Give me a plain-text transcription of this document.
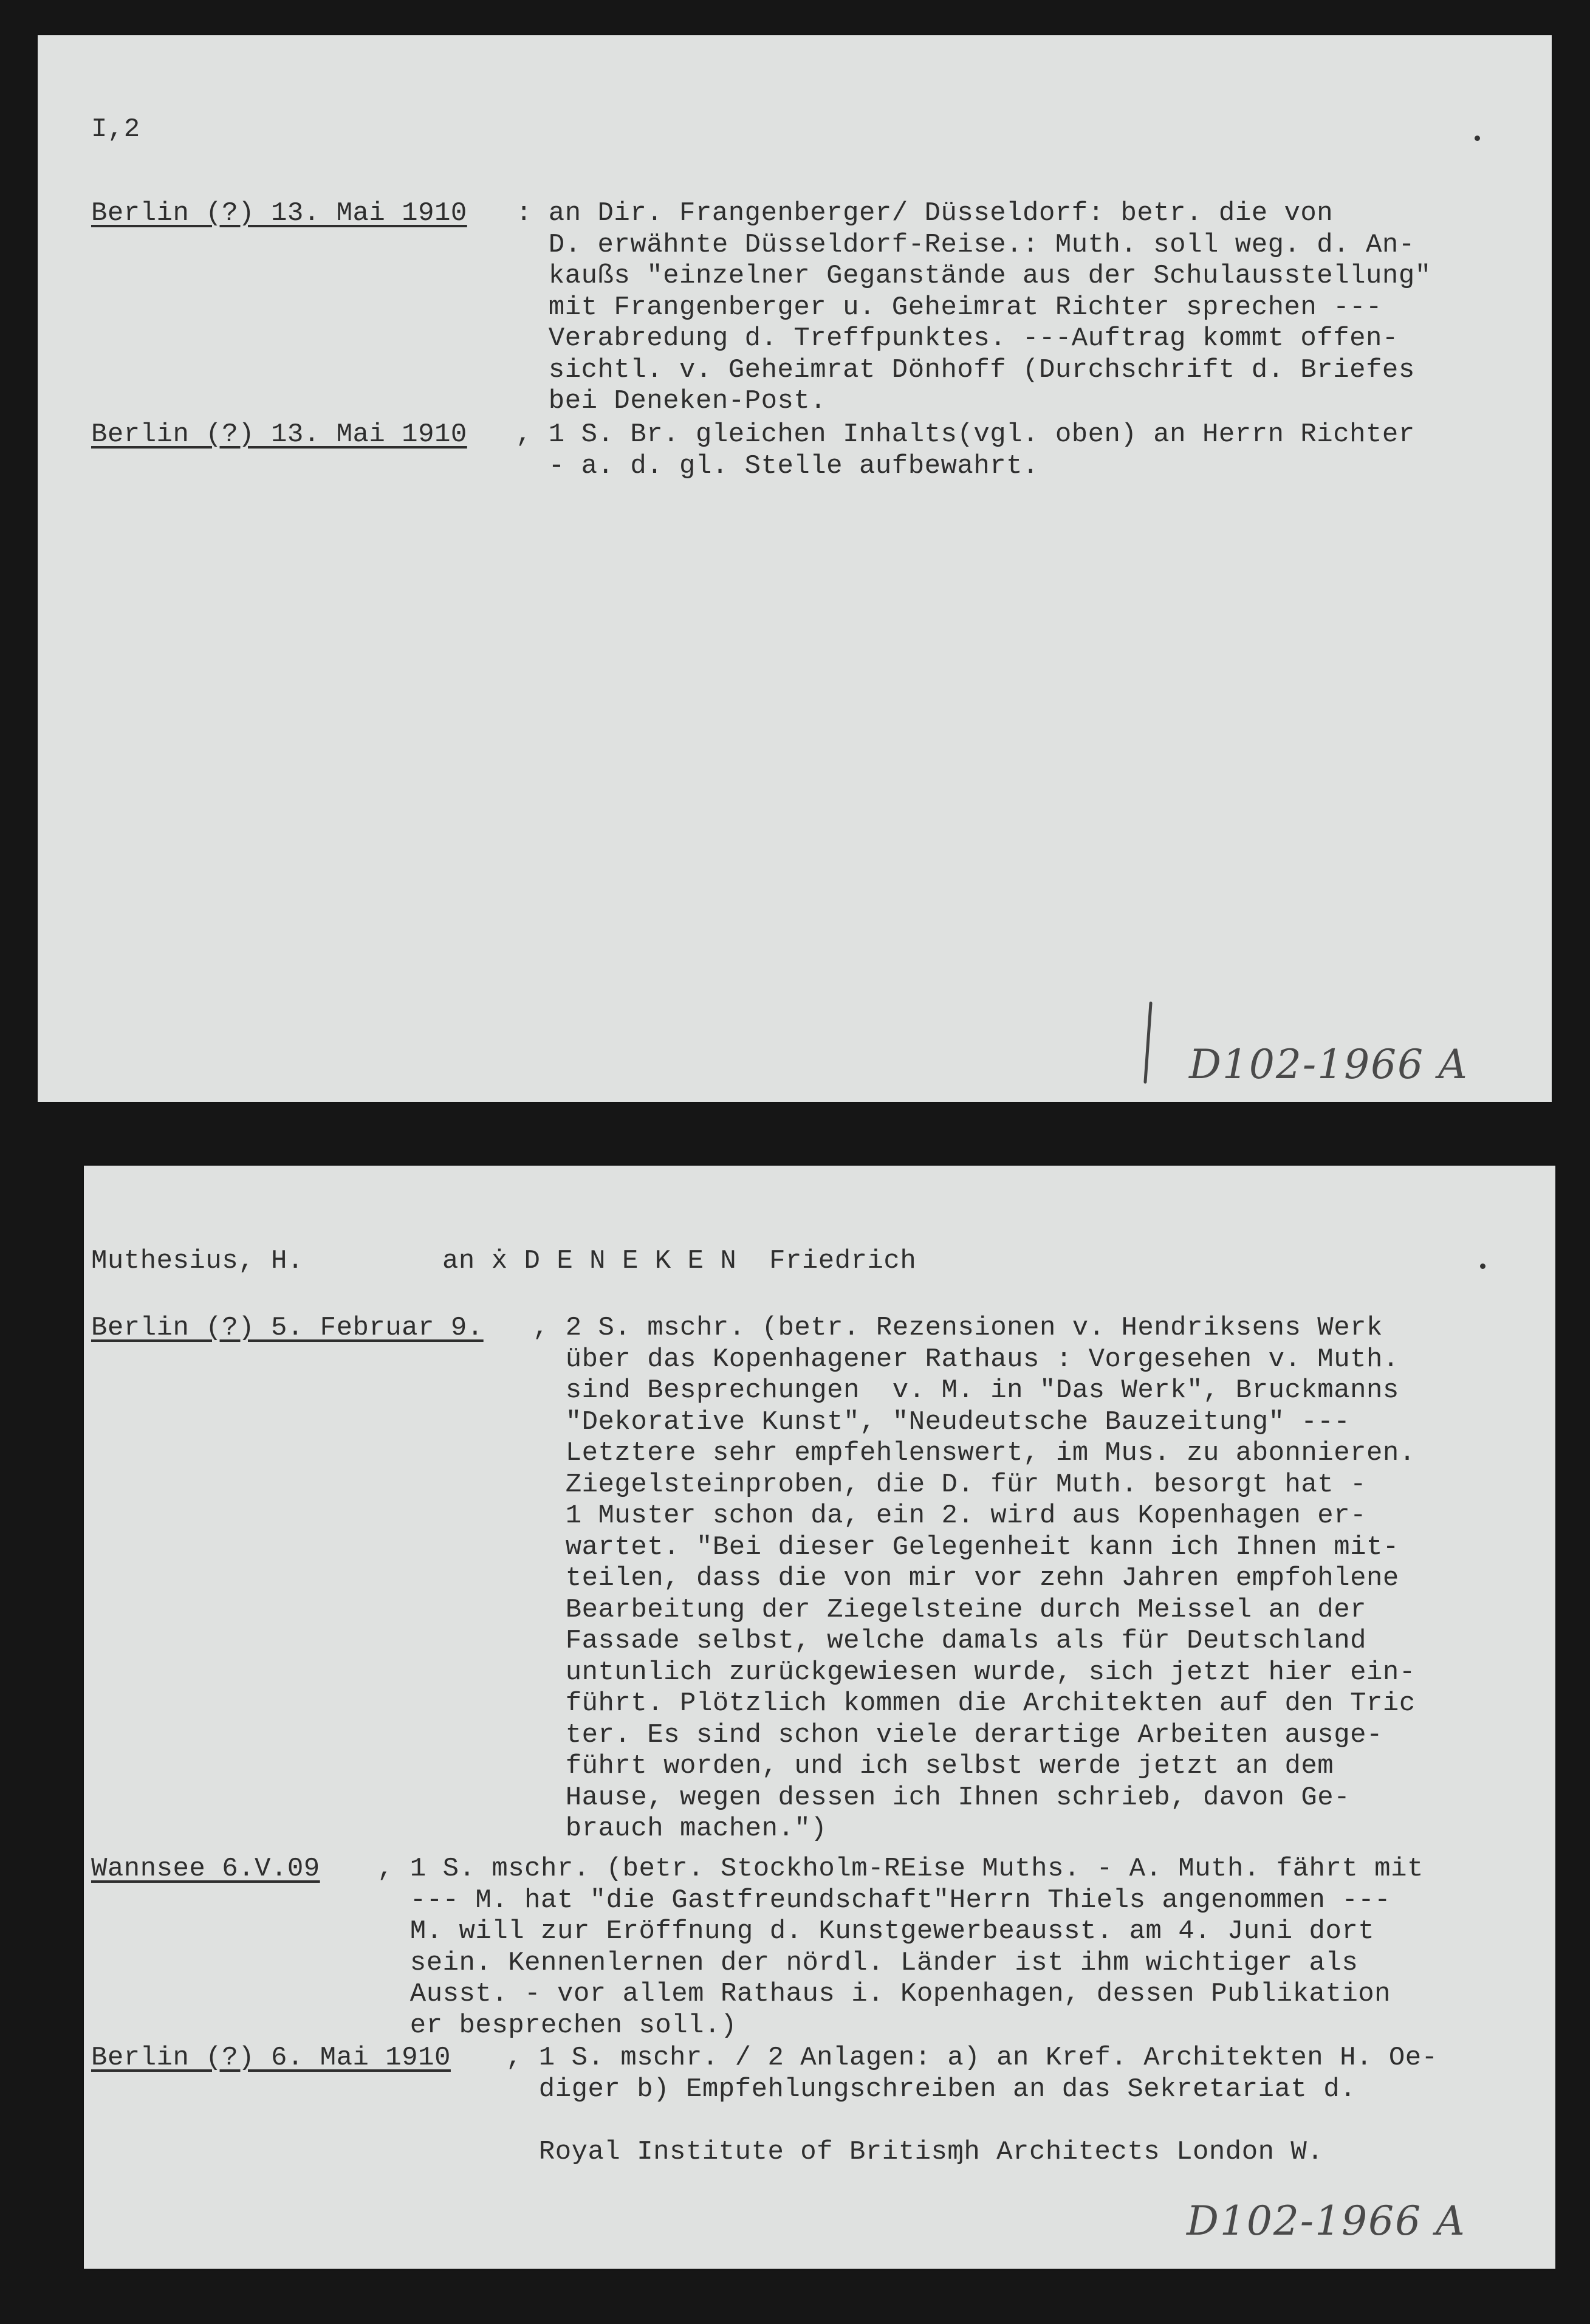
I,2
Berlin (?) 13. Mai 1910 : an Dir. Frangenberger/ Düsseldorf: betr. die von
D. erwähnte Düsseldorf-Reise.: Muth. soll weg. d. An-
kaußs "einzelner Geganstände aus der Schulausstellung"
mit Frangenberger u. Geheimrat Richter sprechen ---
Verabredung d. Treffpunktes. ---Auftrag kommt offen-
sichtl. v. Geheimrat Dönhoff (Durchschrift d. Briefes
bei Deneken-Post.
Berlin (?) 13. Mai 1910 , 1 S. Br. gleichen Inhalts(vgl. oben) an Herrn Richter
- a. d. gl. Stelle aufbewahrt.
D102-1966 A
Muthesius, H.	an ẋ D E N E K E N  Friedrich
Berlin (?) 5. Februar 9.	, 2 S. mschr. (betr. Rezensionen v. Hendriksens Werk
über das Kopenhagener Rathaus : Vorgesehen v. Muth.
sind Besprechungen  v. M. in "Das Werk", Bruckmanns
"Dekorative Kunst", "Neudeutsche Bauzeitung" ---
Letztere sehr empfehlenswert, im Mus. zu abonnieren.
Ziegelsteinproben, die D. für Muth. besorgt hat -
1 Muster schon da, ein 2. wird aus Kopenhagen er-
wartet. "Bei dieser Gelegenheit kann ich Ihnen mit-
teilen, dass die von mir vor zehn Jahren empfohlene
Bearbeitung der Ziegelsteine durch Meissel an der
Fassade selbst, welche damals als für Deutschland
untunlich zurückgewiesen wurde, sich jetzt hier ein-
führt. Plötzlich kommen die Architekten auf den Tric
ter. Es sind schon viele derartige Arbeiten ausge-
führt worden, und ich selbst werde jetzt an dem
Hause, wegen dessen ich Ihnen schrieb, davon Ge-
brauch machen.")
Wannsee 6.V.09 , 1 S. mschr. (betr. Stockholm-REise Muths. - A. Muth. fährt mit
--- M. hat "die Gastfreundschaft"Herrn Thiels angenommen ---
M. will zur Eröffnung d. Kunstgewerbeausst. am 4. Juni dort
sein. Kennenlernen der nördl. Länder ist ihm wichtiger als
Ausst. - vor allem Rathaus i. Kopenhagen, dessen Publikation
er besprechen soll.)
Berlin (?) 6. Mai 1910 , 1 S. mschr. / 2 Anlagen: a) an Kref. Architekten H. Oe-
diger b) Empfehlungschreiben an das Sekretariat d.

Royal Institute of Britisɱh Architects London W.
D102-1966 A
